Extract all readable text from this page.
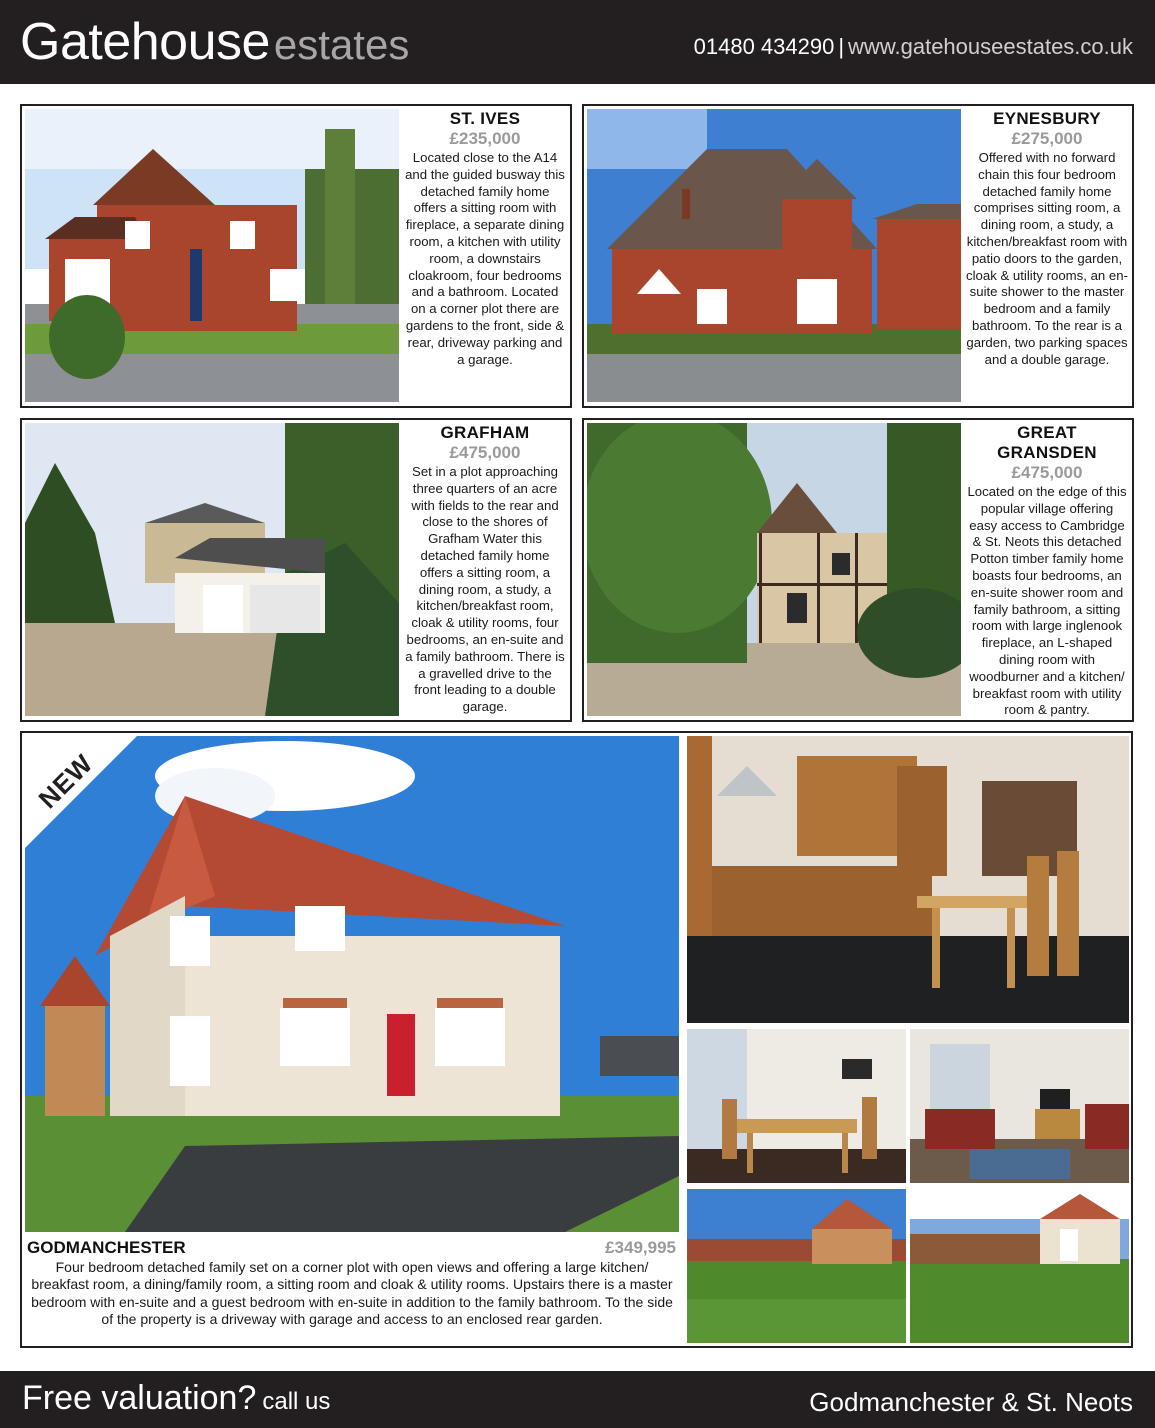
Gatehouseestates	01480 434290 | www.gatehouseestates.co.uk
ST. IVES
£235,000
Located close to the A14 and the guided busway this detached family home offers a sitting room with fireplace, a separate dining room, a kitchen with utility room, a downstairs cloakroom, four bedrooms and a bathroom. Located on a corner plot there are gardens to the front, side & rear, driveway parking and a garage.
EYNESBURY
£275,000
Offered with no forward chain this four bedroom detached family home comprises sitting room, a dining room, a study, a kitchen/breakfast room with patio doors to the garden, cloak & utility rooms, an en-suite shower to the master bedroom and a family bathroom. To the rear is a garden, two parking spaces and a double garage.
GRAFHAM
£475,000
Set in a plot approaching three quarters of an acre with fields to the rear and close to the shores of Grafham Water this detached family home offers a sitting room, a dining room, a study, a kitchen/breakfast room, cloak & utility rooms, four bedrooms, an en-suite and a family bathroom. There is a gravelled drive to the front leading to a double garage.
GREAT GRANSDEN
£475,000
Located on the edge of this popular village offering easy access to Cambridge & St. Neots this detached Potton timber family home boasts four bedrooms, an en-suite shower room and family bathroom, a sitting room with large inglenook fireplace, an L-shaped dining room with woodburner and a kitchen/ breakfast room with utility room & pantry.
NEW
GODMANCHESTER	£349,995
Four bedroom detached family set on a corner plot with open views and offering a large kitchen/ breakfast room, a dining/family room, a sitting room and cloak & utility rooms. Upstairs there is a master bedroom with en-suite and a guest bedroom with en-suite in addition to the family bathroom. To the side of the property is a driveway with garage and access to an enclosed rear garden.
Free valuation? call us	Godmanchester & St. Neots
